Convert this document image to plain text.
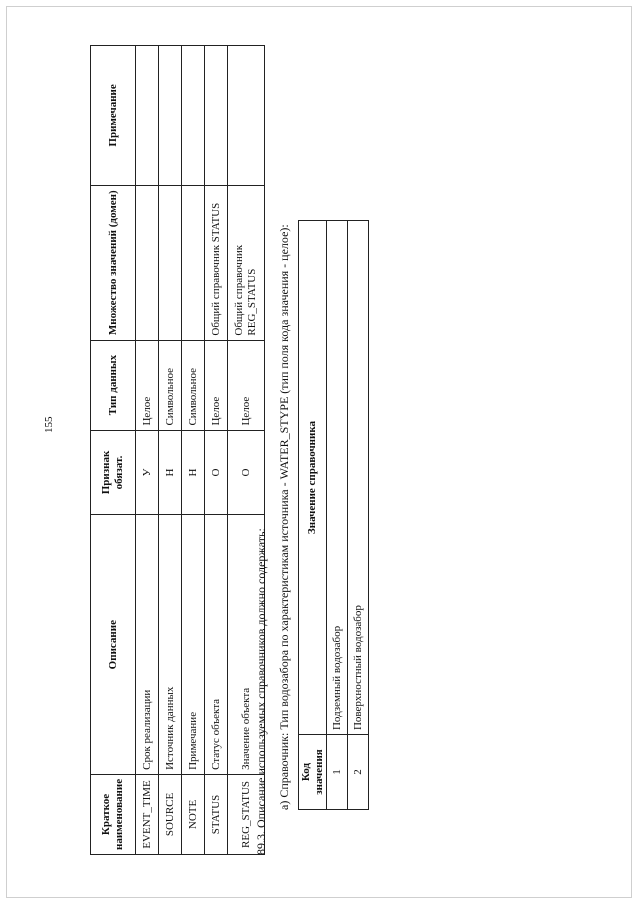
155
Краткое наименование	Описание	Признак обязат.	Тип данных	Множество значений (домен)	Примечание
EVENT_TIME	Срок реализации	У	Целое		
SOURCE	Источник данных	Н	Символьное		
NOTE	Примечание	Н	Символьное		
STATUS	Статус объекта	О	Целое	Общий справочник STATUS	
REG_STATUS	Значение объекта	О	Целое	Общий справочник REG_STATUS	
89.3. Описание используемых справочников должно содержать: а) Справочник: Тип водозабора по характеристикам источника - WATER_STYPE (тип поля кода значения - целое): Код значения	Значение справочника
1	Подземный водозабор
2	Поверхностный водозабор
